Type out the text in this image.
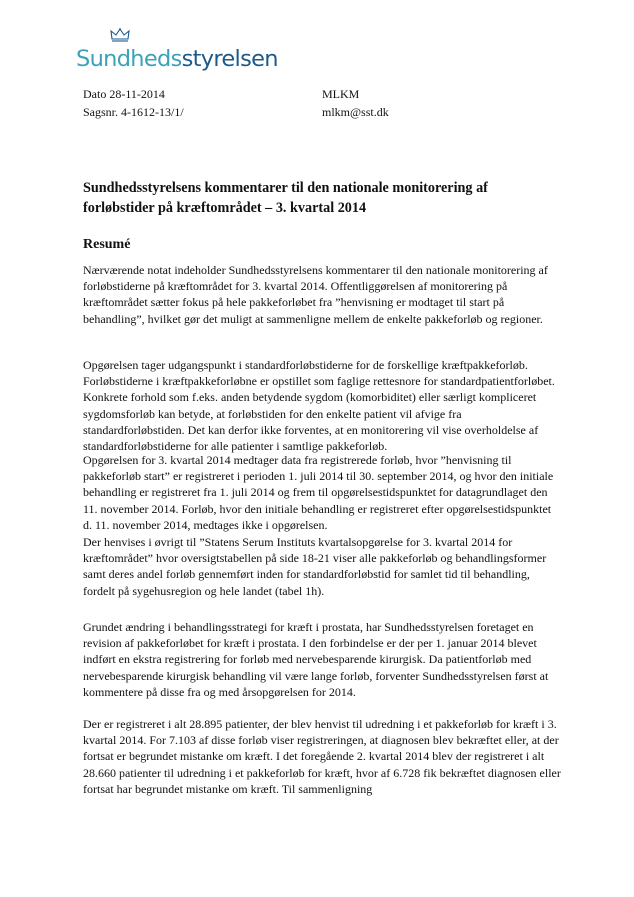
Sundhedsstyrelsen
Dato 28-11-2014
Sagsnr. 4-1612-13/1/
MLKM
mlkm@sst.dk
Sundhedsstyrelsens kommentarer til den nationale monitorering af forløbstider på kræftområdet – 3. kvartal 2014
Resumé

Nærværende notat indeholder Sundhedsstyrelsens kommentarer til den nationale monitorering af forløbstiderne på kræftområdet for 3. kvartal 2014. Offentliggørelsen af monitorering på kræftområdet sætter fokus på hele pakkeforløbet fra ”henvisning er modtaget til start på behandling”, hvilket gør det muligt at sammenligne mellem de enkelte pakkeforløb og regioner.

Opgørelsen tager udgangspunkt i standardforløbstiderne for de forskellige kræftpakkeforløb. Forløbstiderne i kræftpakkeforløbne er opstillet som faglige rettesnore for standardpatientforløbet. Konkrete forhold som f.eks. anden betydende sygdom (komorbiditet) eller særligt kompliceret sygdomsforløb kan betyde, at forløbstiden for den enkelte patient vil afvige fra standardforløbstiden. Det kan derfor ikke forventes, at en monitorering vil vise overholdelse af standardforløbstiderne for alle patienter i samtlige pakkeforløb.

Opgørelsen for 3. kvartal 2014 medtager data fra registrerede forløb, hvor ”henvisning til pakkeforløb start” er registreret i perioden 1. juli 2014 til 30. september 2014, og hvor den initiale behandling er registreret fra 1. juli 2014 og frem til opgørelsestidspunktet for datagrundlaget den 11. november 2014. Forløb, hvor den initiale behandling er registreret efter opgørelsestidspunktet d. 11. november 2014, medtages ikke i opgørelsen.

Der henvises i øvrigt til ”Statens Serum Instituts kvartalsopgørelse for 3. kvartal 2014 for kræftområdet” hvor oversigtstabellen på side 18-21 viser alle pakkeforløb og behandlingsformer samt deres andel forløb gennemført inden for standardforløbstid for samlet tid til behandling, fordelt på sygehusregion og hele landet (tabel 1h).

Grundet ændring i behandlingsstrategi for kræft i prostata, har Sundhedsstyrelsen foretaget en revision af pakkeforløbet for kræft i prostata. I den forbindelse er der per 1. januar 2014 blevet indført en ekstra registrering for forløb med nervebesparende kirurgisk. Da patientforløb med nervebesparende kirurgisk behandling vil være lange forløb, forventer Sundhedsstyrelsen først at kommentere på disse fra og med årsopgørelsen for 2014.

Der er registreret i alt 28.895 patienter, der blev henvist til udredning i et pakkeforløb for kræft i 3. kvartal 2014. For 7.103 af disse forløb viser registreringen, at diagnosen blev bekræftet eller, at der fortsat er begrundet mistanke om kræft. I det foregående 2. kvartal 2014 blev der registreret i alt 28.660 patienter til udredning i et pakkeforløb for kræft, hvor af 6.728 fik bekræftet diagnosen eller fortsat har begrundet mistanke om kræft. Til sammenligning
